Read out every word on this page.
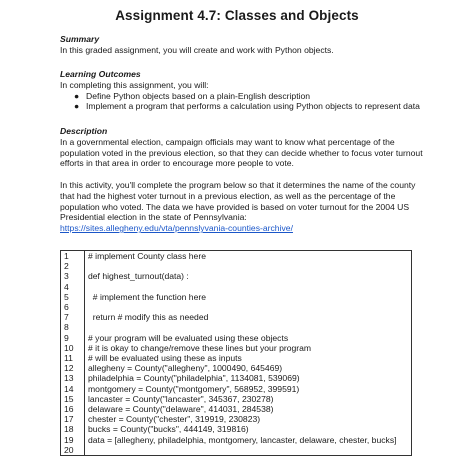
Assignment 4.7: Classes and Objects
Summary
In this graded assignment, you will create and work with Python objects.
Learning Outcomes
In completing this assignment, you will:
● Define Python objects based on a plain-English description
● Implement a program that performs a calculation using Python objects to represent data
Description
In a governmental election, campaign officials may want to know what percentage of the
population voted in the previous election, so that they can decide whether to focus voter turnout
efforts in that area in order to encourage more people to vote.
In this activity, you'll complete the program below so that it determines the name of the county
that had the highest voter turnout in a previous election, as well as the percentage of the
population who voted. The data we have provided is based on voter turnout for the 2004 US
Presidential election in the state of Pennsylvania:
https://sites.allegheny.edu/vta/pennslyvania-counties-archive/
1	# implement County class here
2	
3	def highest_turnout(data) :
4	
5	# implement the function here
6	
7	return # modify this as needed
8	
9	# your program will be evaluated using these objects
10	# it is okay to change/remove these lines but your program
11	# will be evaluated using these as inputs
12	allegheny = County("allegheny", 1000490, 645469)
13	philadelphia = County("philadelphia", 1134081, 539069)
14	montgomery = County("montgomery", 568952, 399591)
15	lancaster = County("lancaster", 345367, 230278)
16	delaware = County("delaware", 414031, 284538)
17	chester = County("chester", 319919, 230823)
18	bucks = County("bucks", 444149, 319816)
19	data = [allegheny, philadelphia, montgomery, lancaster, delaware, chester, bucks]
20	
